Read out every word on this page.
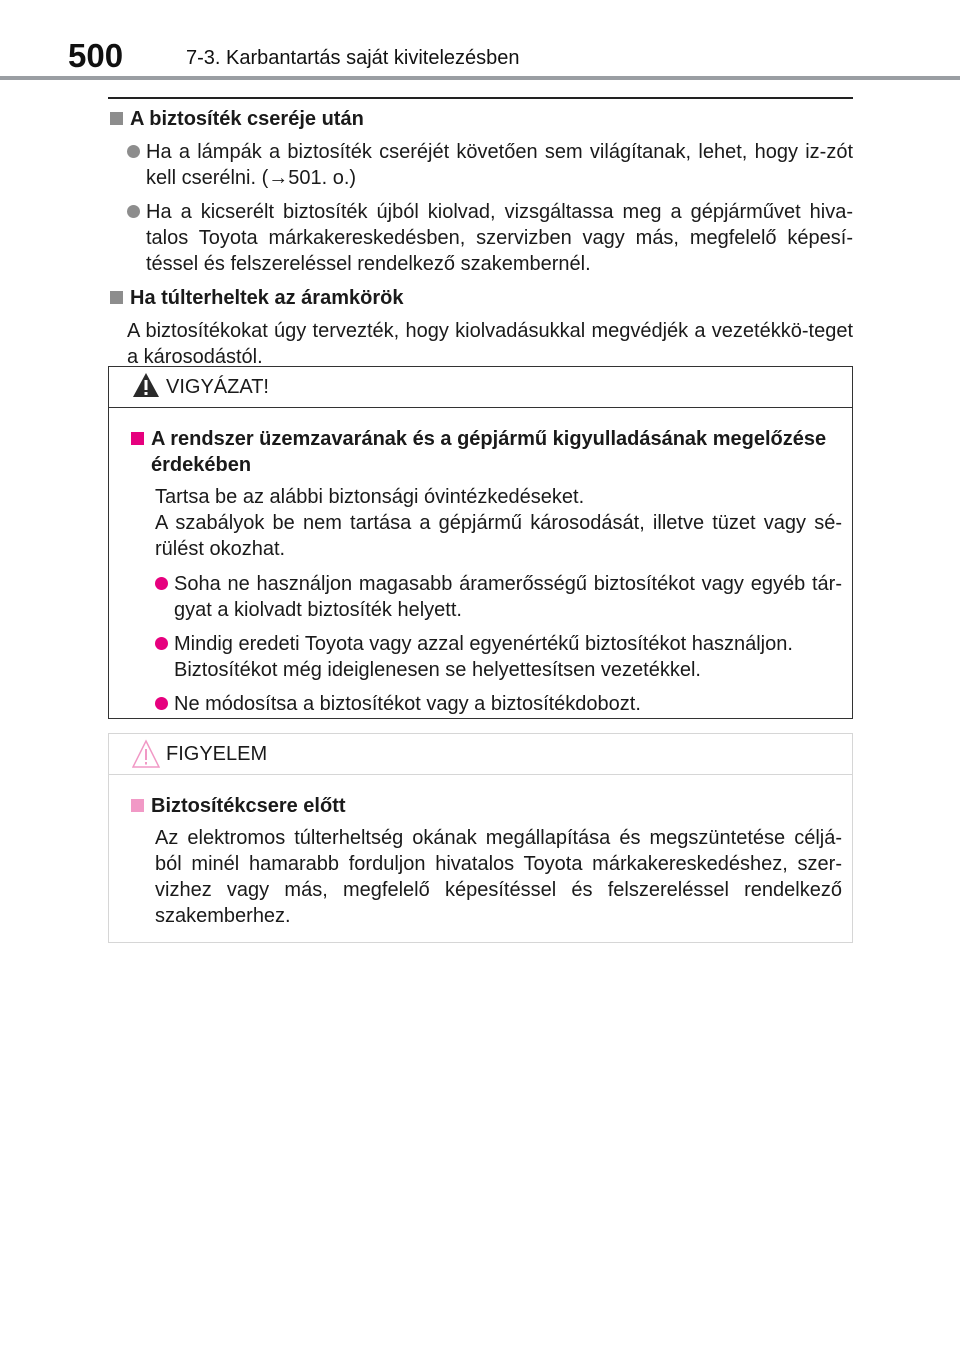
500	7-3. Karbantartás saját kivitelezésben
A biztosíték cseréje után
Ha a lámpák a biztosíték cseréjét követően sem világítanak, lehet, hogy iz-zót kell cserélni. (→501. o.)
Ha a kicserélt biztosíték újból kiolvad, vizsgáltassa meg a gépjárművet hiva-talos Toyota márkakereskedésben, szervizben vagy más, megfelelő képesí-téssel és felszereléssel rendelkező szakembernél.
Ha túlterheltek az áramkörök
A biztosítékokat úgy tervezték, hogy kiolvadásukkal megvédjék a vezetékkö-teget a károsodástól.
VIGYÁZAT!
A rendszer üzemzavarának és a gépjármű kigyulladásának megelőzése érdekében
Tartsa be az alábbi biztonsági óvintézkedéseket.
A szabályok be nem tartása a gépjármű károsodását, illetve tüzet vagy sé-rülést okozhat.
Soha ne használjon magasabb áramerősségű biztosítékot vagy egyéb tár-gyat a kiolvadt biztosíték helyett.
Mindig eredeti Toyota vagy azzal egyenértékű biztosítékot használjon. Biztosítékot még ideiglenesen se helyettesítsen vezetékkel.
Ne módosítsa a biztosítékot vagy a biztosítékdobozt.
FIGYELEM
Biztosítékcsere előtt
Az elektromos túlterheltség okának megállapítása és megszüntetése céljá-ból minél hamarabb forduljon hivatalos Toyota márkakereskedéshez, szer-vizhez vagy más, megfelelő képesítéssel és felszereléssel rendelkező szakemberhez.
